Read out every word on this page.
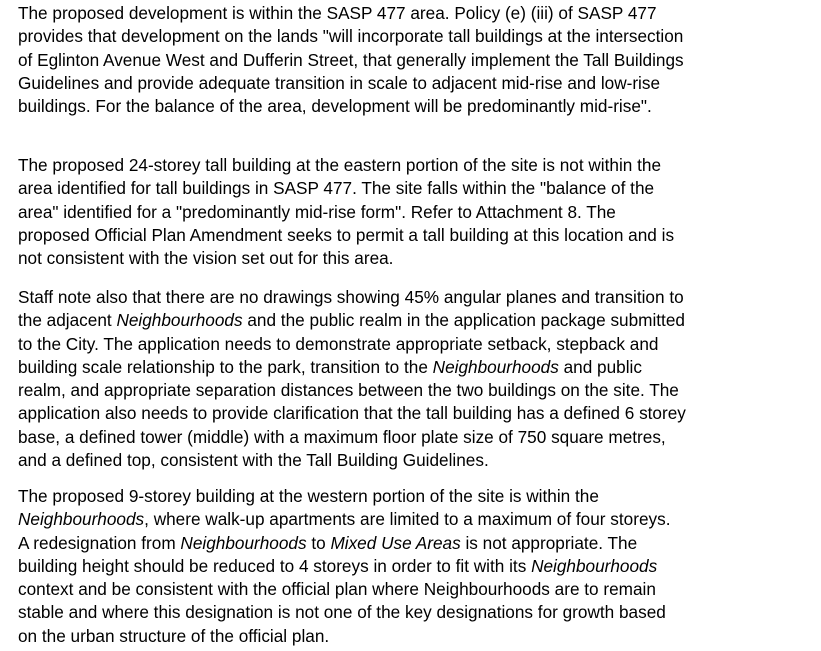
The proposed development is within the SASP 477 area. Policy (e) (iii) of SASP 477
provides that development on the lands "will incorporate tall buildings at the intersection
of Eglinton Avenue West and Dufferin Street, that generally implement the Tall Buildings
Guidelines and provide adequate transition in scale to adjacent mid-rise and low-rise
buildings. For the balance of the area, development will be predominantly mid-rise".

The proposed 24-storey tall building at the eastern portion of the site is not within the
area identified for tall buildings in SASP 477. The site falls within the "balance of the
area" identified for a "predominantly mid-rise form". Refer to Attachment 8. The
proposed Official Plan Amendment seeks to permit a tall building at this location and is
not consistent with the vision set out for this area.

Staff note also that there are no drawings showing 45% angular planes and transition to
the adjacent Neighbourhoods and the public realm in the application package submitted
to the City. The application needs to demonstrate appropriate setback, stepback and
building scale relationship to the park, transition to the Neighbourhoods and public
realm, and appropriate separation distances between the two buildings on the site. The
application also needs to provide clarification that the tall building has a defined 6 storey
base, a defined tower (middle) with a maximum floor plate size of 750 square metres,
and a defined top, consistent with the Tall Building Guidelines.

The proposed 9-storey building at the western portion of the site is within the
Neighbourhoods, where walk-up apartments are limited to a maximum of four storeys.
A redesignation from Neighbourhoods to Mixed Use Areas is not appropriate. The
building height should be reduced to 4 storeys in order to fit with its Neighbourhoods
context and be consistent with the official plan where Neighbourhoods are to remain
stable and where this designation is not one of the key designations for growth based
on the urban structure of the official plan.
